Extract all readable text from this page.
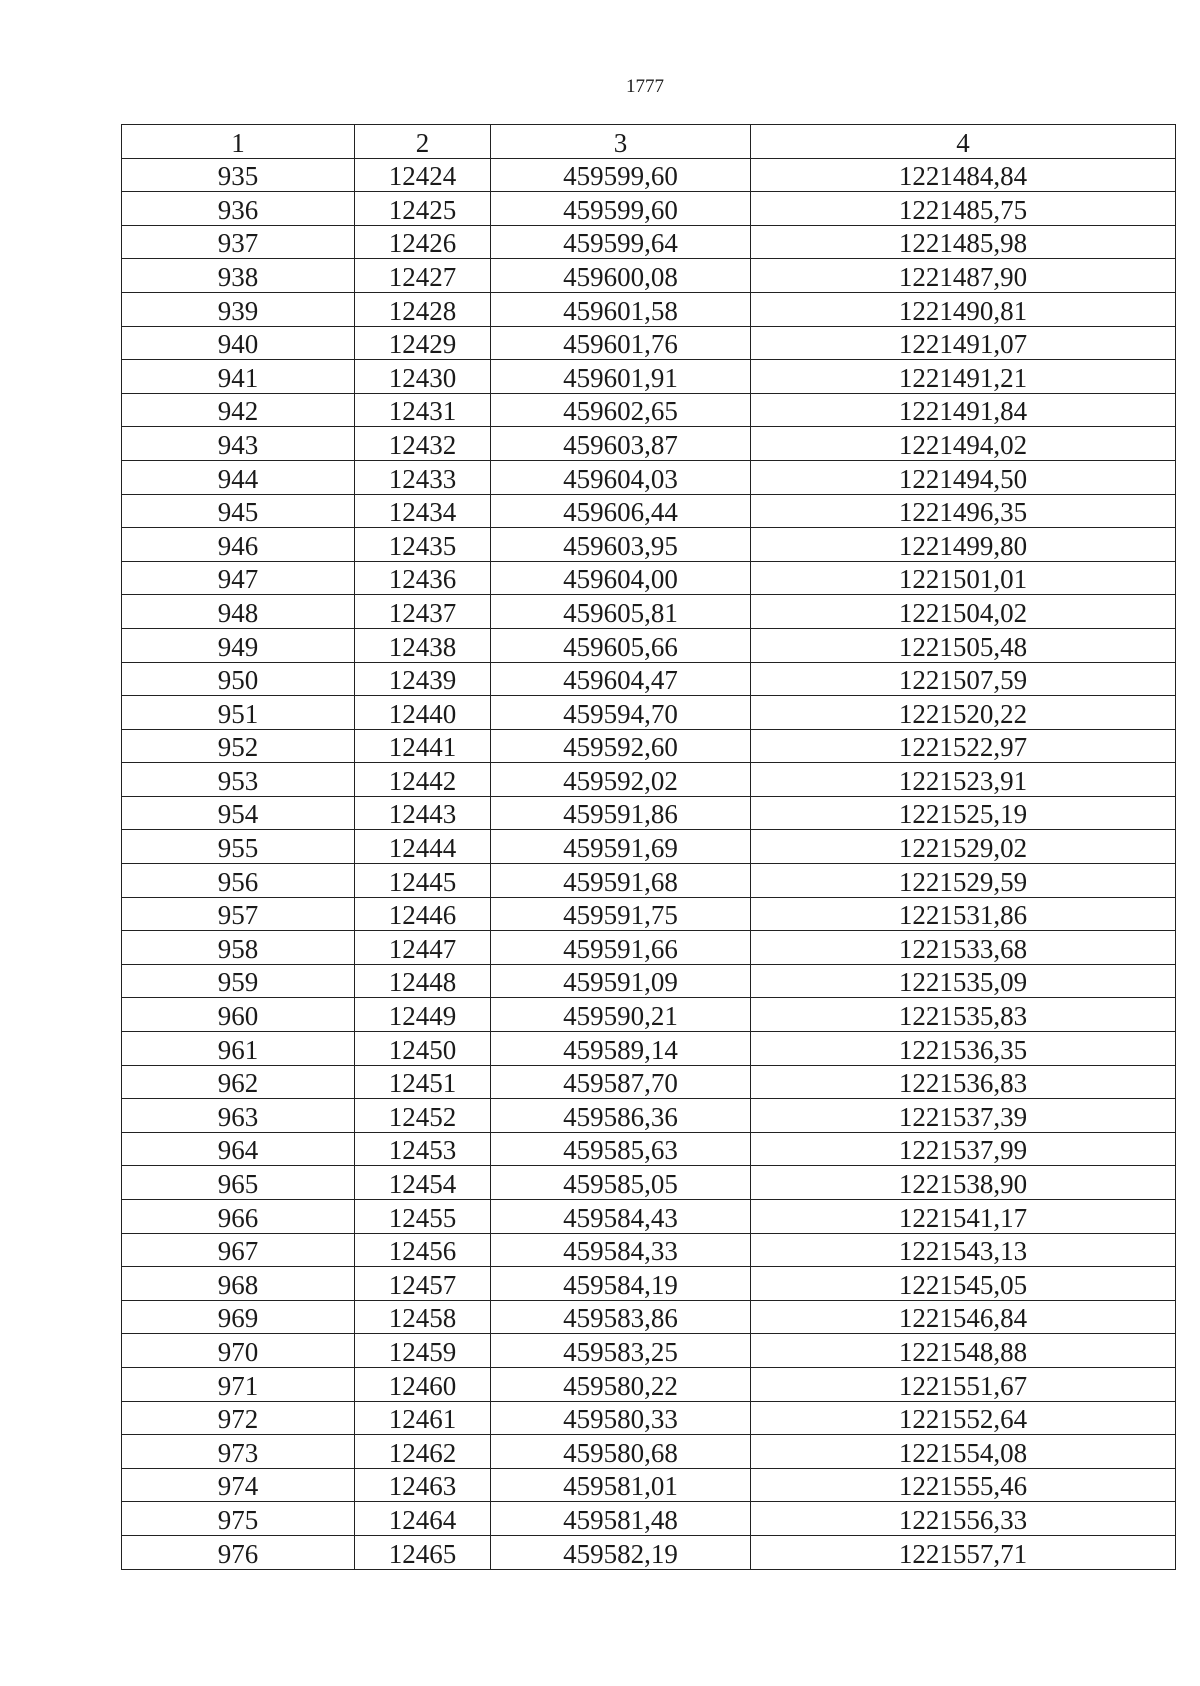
1777
1	2	3	4
935	12424	459599,60	1221484,84
936	12425	459599,60	1221485,75
937	12426	459599,64	1221485,98
938	12427	459600,08	1221487,90
939	12428	459601,58	1221490,81
940	12429	459601,76	1221491,07
941	12430	459601,91	1221491,21
942	12431	459602,65	1221491,84
943	12432	459603,87	1221494,02
944	12433	459604,03	1221494,50
945	12434	459606,44	1221496,35
946	12435	459603,95	1221499,80
947	12436	459604,00	1221501,01
948	12437	459605,81	1221504,02
949	12438	459605,66	1221505,48
950	12439	459604,47	1221507,59
951	12440	459594,70	1221520,22
952	12441	459592,60	1221522,97
953	12442	459592,02	1221523,91
954	12443	459591,86	1221525,19
955	12444	459591,69	1221529,02
956	12445	459591,68	1221529,59
957	12446	459591,75	1221531,86
958	12447	459591,66	1221533,68
959	12448	459591,09	1221535,09
960	12449	459590,21	1221535,83
961	12450	459589,14	1221536,35
962	12451	459587,70	1221536,83
963	12452	459586,36	1221537,39
964	12453	459585,63	1221537,99
965	12454	459585,05	1221538,90
966	12455	459584,43	1221541,17
967	12456	459584,33	1221543,13
968	12457	459584,19	1221545,05
969	12458	459583,86	1221546,84
970	12459	459583,25	1221548,88
971	12460	459580,22	1221551,67
972	12461	459580,33	1221552,64
973	12462	459580,68	1221554,08
974	12463	459581,01	1221555,46
975	12464	459581,48	1221556,33
976	12465	459582,19	1221557,71
